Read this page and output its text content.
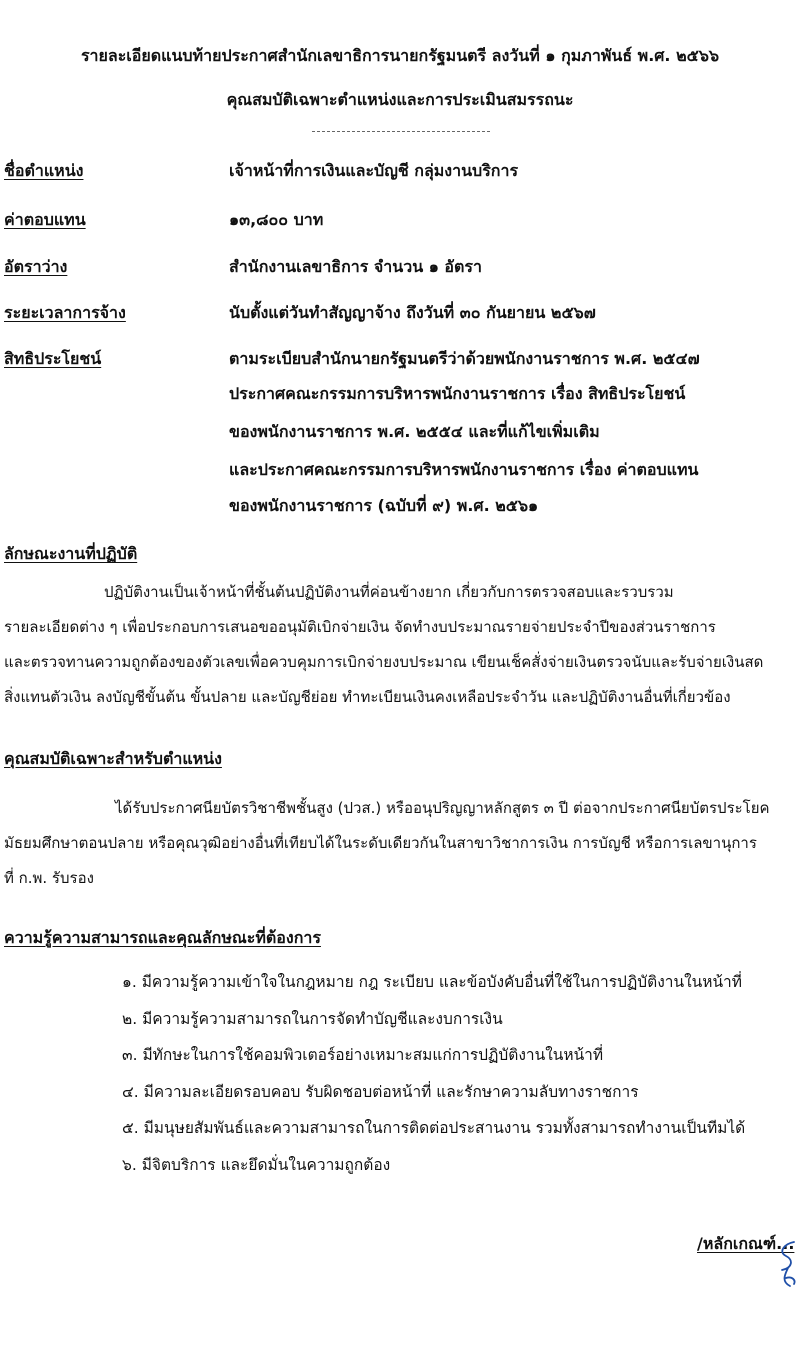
รายละเอียดแนบท้ายประกาศสำนักเลขาธิการนายกรัฐมนตรี ลงวันที่ ๑ กุมภาพันธ์ พ.ศ. ๒๕๖๖
คุณสมบัติเฉพาะตำแหน่งและการประเมินสมรรถนะ
ชื่อตำแหน่ง	เจ้าหน้าที่การเงินและบัญชี กลุ่มงานบริการ
ค่าตอบแทน	๑๓,๘๐๐ บาท
อัตราว่าง	สำนักงานเลขาธิการ จำนวน ๑ อัตรา
ระยะเวลาการจ้าง	นับตั้งแต่วันทำสัญญาจ้าง ถึงวันที่ ๓๐ กันยายน ๒๕๖๗
สิทธิประโยชน์	ตามระเบียบสำนักนายกรัฐมนตรีว่าด้วยพนักงานราชการ พ.ศ. ๒๕๔๗
ประกาศคณะกรรมการบริหารพนักงานราชการ เรื่อง สิทธิประโยชน์
ของพนักงานราชการ พ.ศ. ๒๕๕๔ และที่แก้ไขเพิ่มเติม
และประกาศคณะกรรมการบริหารพนักงานราชการ เรื่อง ค่าตอบแทน
ของพนักงานราชการ (ฉบับที่ ๙) พ.ศ. ๒๕๖๑
ลักษณะงานที่ปฏิบัติ
ปฏิบัติงานเป็นเจ้าหน้าที่ชั้นต้นปฏิบัติงานที่ค่อนข้างยาก เกี่ยวกับการตรวจสอบและรวบรวม
รายละเอียดต่าง ๆ เพื่อประกอบการเสนอขออนุมัติเบิกจ่ายเงิน จัดทำงบประมาณรายจ่ายประจำปีของส่วนราชการ
และตรวจทานความถูกต้องของตัวเลขเพื่อควบคุมการเบิกจ่ายงบประมาณ เขียนเช็คสั่งจ่ายเงินตรวจนับและรับจ่ายเงินสด
สิ่งแทนตัวเงิน ลงบัญชีขั้นต้น ขั้นปลาย และบัญชีย่อย ทำทะเบียนเงินคงเหลือประจำวัน และปฏิบัติงานอื่นที่เกี่ยวข้อง
คุณสมบัติเฉพาะสำหรับตำแหน่ง
ได้รับประกาศนียบัตรวิชาชีพชั้นสูง (ปวส.) หรืออนุปริญญาหลักสูตร ๓ ปี ต่อจากประกาศนียบัตรประโยค
มัธยมศึกษาตอนปลาย หรือคุณวุฒิอย่างอื่นที่เทียบได้ในระดับเดียวกันในสาขาวิชาการเงิน การบัญชี หรือการเลขานุการ
ที่ ก.พ. รับรอง
ความรู้ความสามารถและคุณลักษณะที่ต้องการ
๑. มีความรู้ความเข้าใจในกฎหมาย กฎ ระเบียบ และข้อบังคับอื่นที่ใช้ในการปฏิบัติงานในหน้าที่
๒. มีความรู้ความสามารถในการจัดทำบัญชีและงบการเงิน
๓. มีทักษะในการใช้คอมพิวเตอร์อย่างเหมาะสมแก่การปฏิบัติงานในหน้าที่
๔. มีความละเอียดรอบคอบ รับผิดชอบต่อหน้าที่ และรักษาความลับทางราชการ
๕. มีมนุษยสัมพันธ์และความสามารถในการติดต่อประสานงาน รวมทั้งสามารถทำงานเป็นทีมได้
๖. มีจิตบริการ และยึดมั่นในความถูกต้อง
/หลักเกณฑ์...
